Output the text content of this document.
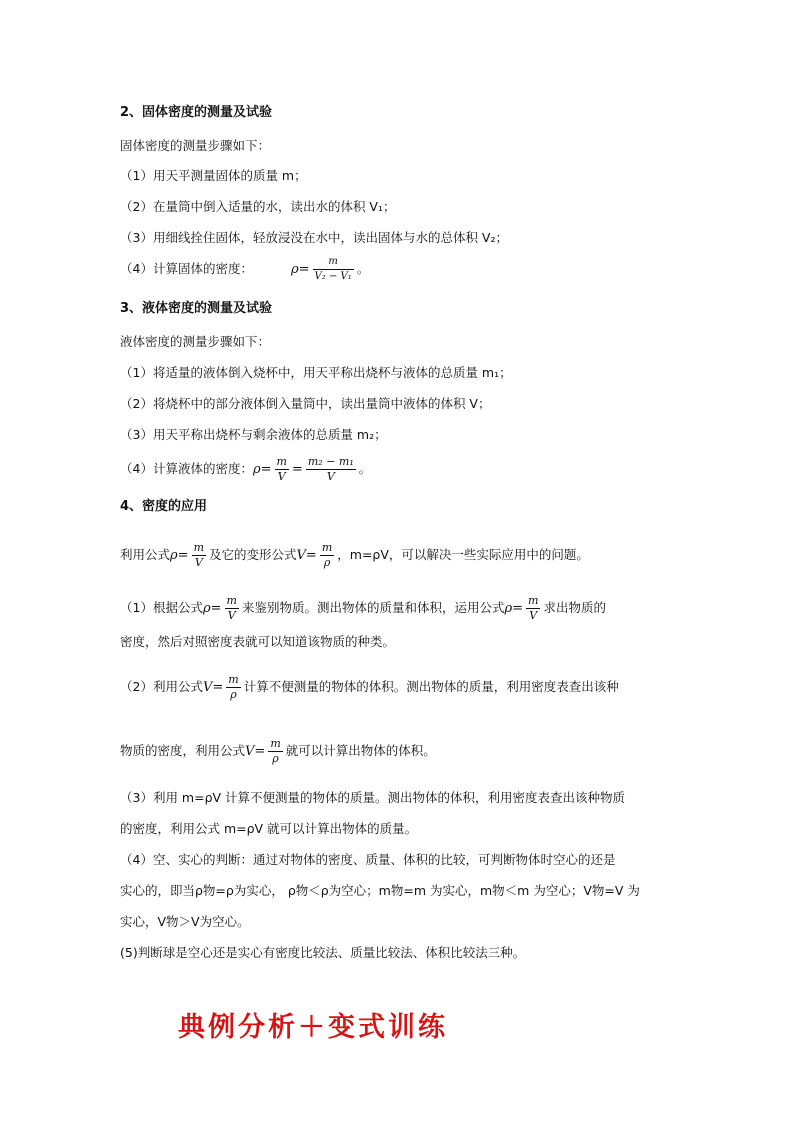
2、固体密度的测量及试验
固体密度的测量步骤如下：
（1）用天平测量固体的质量 m；
（2）在量筒中倒入适量的水，读出水的体积 V₁；
（3）用细线拴住固体，轻放浸没在水中，读出固体与水的总体积 V₂；
（4）计算固体的密度：	$\rho= \frac{m}{\text{V₂ − V₁}}$ 。
3、液体密度的测量及试验
液体密度的测量步骤如下：
（1）将适量的液体倒入烧杯中，用天平称出烧杯与液体的总质量 m₁；
（2）将烧杯中的部分液体倒入量筒中，读出量筒中液体的体积 V；
（3）用天平称出烧杯与剩余液体的总质量 m₂；
（4）计算液体的密度：$\rho= \frac{m}{V} = \frac{\text{m₂ − m₁}}{V}$ 。
4、密度的应用
利用公式$\rho= \frac{m}{V}$ 及它的变形公式$V= \frac{m}{\rho}$ ，m=ρV，可以解决一些实际应用中的问题。
（1）根据公式$\rho= \frac{m}{V}$ 来鉴别物质。测出物体的质量和体积，运用公式$\rho= \frac{m}{V}$ 求出物质的
密度，然后对照密度表就可以知道该物质的种类。
（2）利用公式$V= \frac{m}{\rho}$ 计算不便测量的物体的体积。测出物体的质量，利用密度表查出该种
物质的密度，利用公式$V= \frac{m}{\rho}$ 就可以计算出物体的体积。
（3）利用 m=ρV 计算不便测量的物体的质量。测出物体的体积，利用密度表查出该种物质
的密度，利用公式 m=ρV 就可以计算出物体的质量。
（4）空、实心的判断：通过对物体的密度、质量、体积的比较，可判断物体时空心的还是
实心的，即当ρ物=ρ为实心， ρ物＜ρ为空心；m物=m 为实心，m物＜m 为空心；V物=V 为
实心，V物＞V为空心。
(5)判断球是空心还是实心有密度比较法、质量比较法、体积比较法三种。
典例分析＋变式训练
